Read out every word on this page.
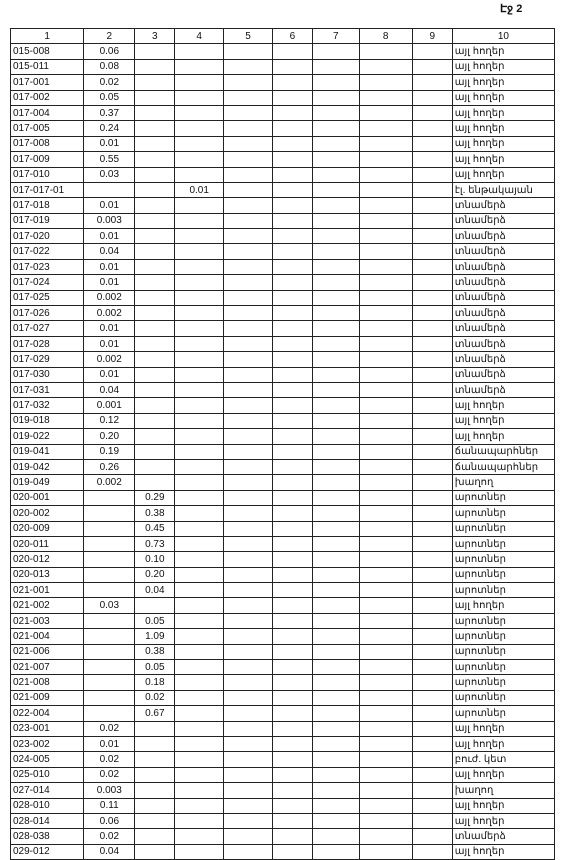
Էջ 2
1	2	3	4	5	6	7	8	9	10
015-008	0.06								այլ հողեր
015-011	0.08								այլ հողեր
017-001	0.02								այլ հողեր
017-002	0.05								այլ հողեր
017-004	0.37								այլ հողեր
017-005	0.24								այլ հողեր
017-008	0.01								այլ հողեր
017-009	0.55								այլ հողեր
017-010	0.03								այլ հողեր
017-017-01			0.01						էլ. ենթակայան
017-018	0.01								տնամերձ
017-019	0.003								տնամերձ
017-020	0.01								տնամերձ
017-022	0.04								տնամերձ
017-023	0.01								տնամերձ
017-024	0.01								տնամերձ
017-025	0.002								տնամերձ
017-026	0.002								տնամերձ
017-027	0.01								տնամերձ
017-028	0.01								տնամերձ
017-029	0.002								տնամերձ
017-030	0.01								տնամերձ
017-031	0.04								տնամերձ
017-032	0.001								այլ հողեր
019-018	0.12								այլ հողեր
019-022	0.20								այլ հողեր
019-041	0.19								ճանապարհներ
019-042	0.26								ճանապարհներ
019-049	0.002								խաղող
020-001		0.29							արոտներ
020-002		0.38							արոտներ
020-009		0.45							արոտներ
020-011		0.73							արոտներ
020-012		0.10							արոտներ
020-013		0.20							արոտներ
021-001		0.04							արոտներ
021-002	0.03								այլ հողեր
021-003		0.05							արոտներ
021-004		1.09							արոտներ
021-006		0.38							արոտներ
021-007		0.05							արոտներ
021-008		0.18							արոտներ
021-009		0.02							արոտներ
022-004		0.67							արոտներ
023-001	0.02								այլ հողեր
023-002	0.01								այլ հողեր
024-005	0.02								բուժ. կետ
025-010	0.02								այլ հողեր
027-014	0.003								խաղող
028-010	0.11								այլ հողեր
028-014	0.06								այլ հողեր
028-038	0.02								տնամերձ
029-012	0.04								այլ հողեր
